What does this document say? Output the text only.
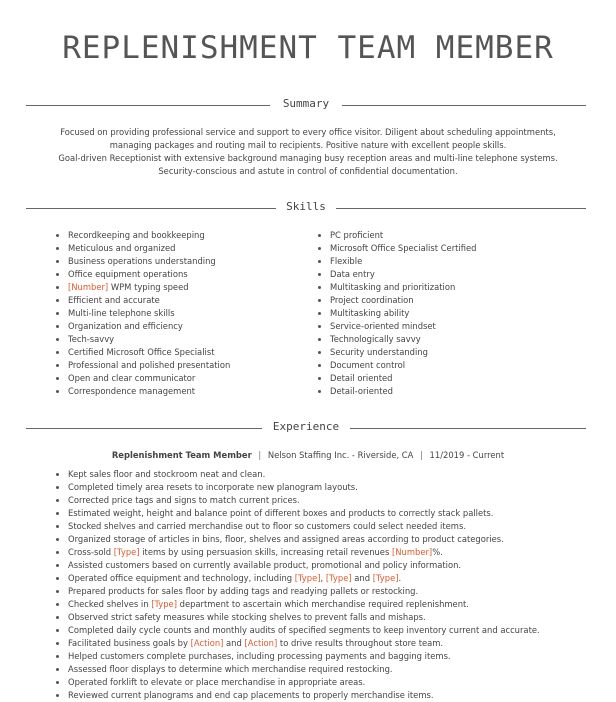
REPLENISHMENT TEAM MEMBER
Summary

Focused on providing professional service and support to every office visitor. Diligent about scheduling appointments,

managing packages and routing mail to recipients. Positive nature with excellent people skills.

Goal-driven Receptionist with extensive background managing busy reception areas and multi-line telephone systems.

Security-conscious and astute in control of confidential documentation.

Skills
Recordkeeping and bookkeeping
Meticulous and organized
Business operations understanding
Office equipment operations
[Number] WPM typing speed
Efficient and accurate
Multi-line telephone skills
Organization and efficiency
Tech-savvy
Certified Microsoft Office Specialist
Professional and polished presentation
Open and clear communicator
Correspondence management
PC proficient
Microsoft Office Specialist Certified
Flexible
Data entry
Multitasking and prioritization
Project coordination
Multitasking ability
Service-oriented mindset
Technologically savvy
Security understanding
Document control
Detail oriented
Detail-oriented
Experience
Replenishment Team Member | Nelson Staffing Inc. - Riverside, CA | 11/2019 - Current
Kept sales floor and stockroom neat and clean.
Completed timely area resets to incorporate new planogram layouts.
Corrected price tags and signs to match current prices.
Estimated weight, height and balance point of different boxes and products to correctly stack pallets.
Stocked shelves and carried merchandise out to floor so customers could select needed items.
Organized storage of articles in bins, floor, shelves and assigned areas according to product categories.
Cross-sold [Type] items by using persuasion skills, increasing retail revenues [Number]%.
Assisted customers based on currently available product, promotional and policy information.
Operated office equipment and technology, including [Type], [Type] and [Type].
Prepared products for sales floor by adding tags and readying pallets or restocking.
Checked shelves in [Type] department to ascertain which merchandise required replenishment.
Observed strict safety measures while stocking shelves to prevent falls and mishaps.
Completed daily cycle counts and monthly audits of specified segments to keep inventory current and accurate.
Facilitated business goals by [Action] and [Action] to drive results throughout store team.
Helped customers complete purchases, including processing payments and bagging items.
Assessed floor displays to determine which merchandise required restocking.
Operated forklift to elevate or place merchandise in appropriate areas.
Reviewed current planograms and end cap placements to properly merchandise items.
